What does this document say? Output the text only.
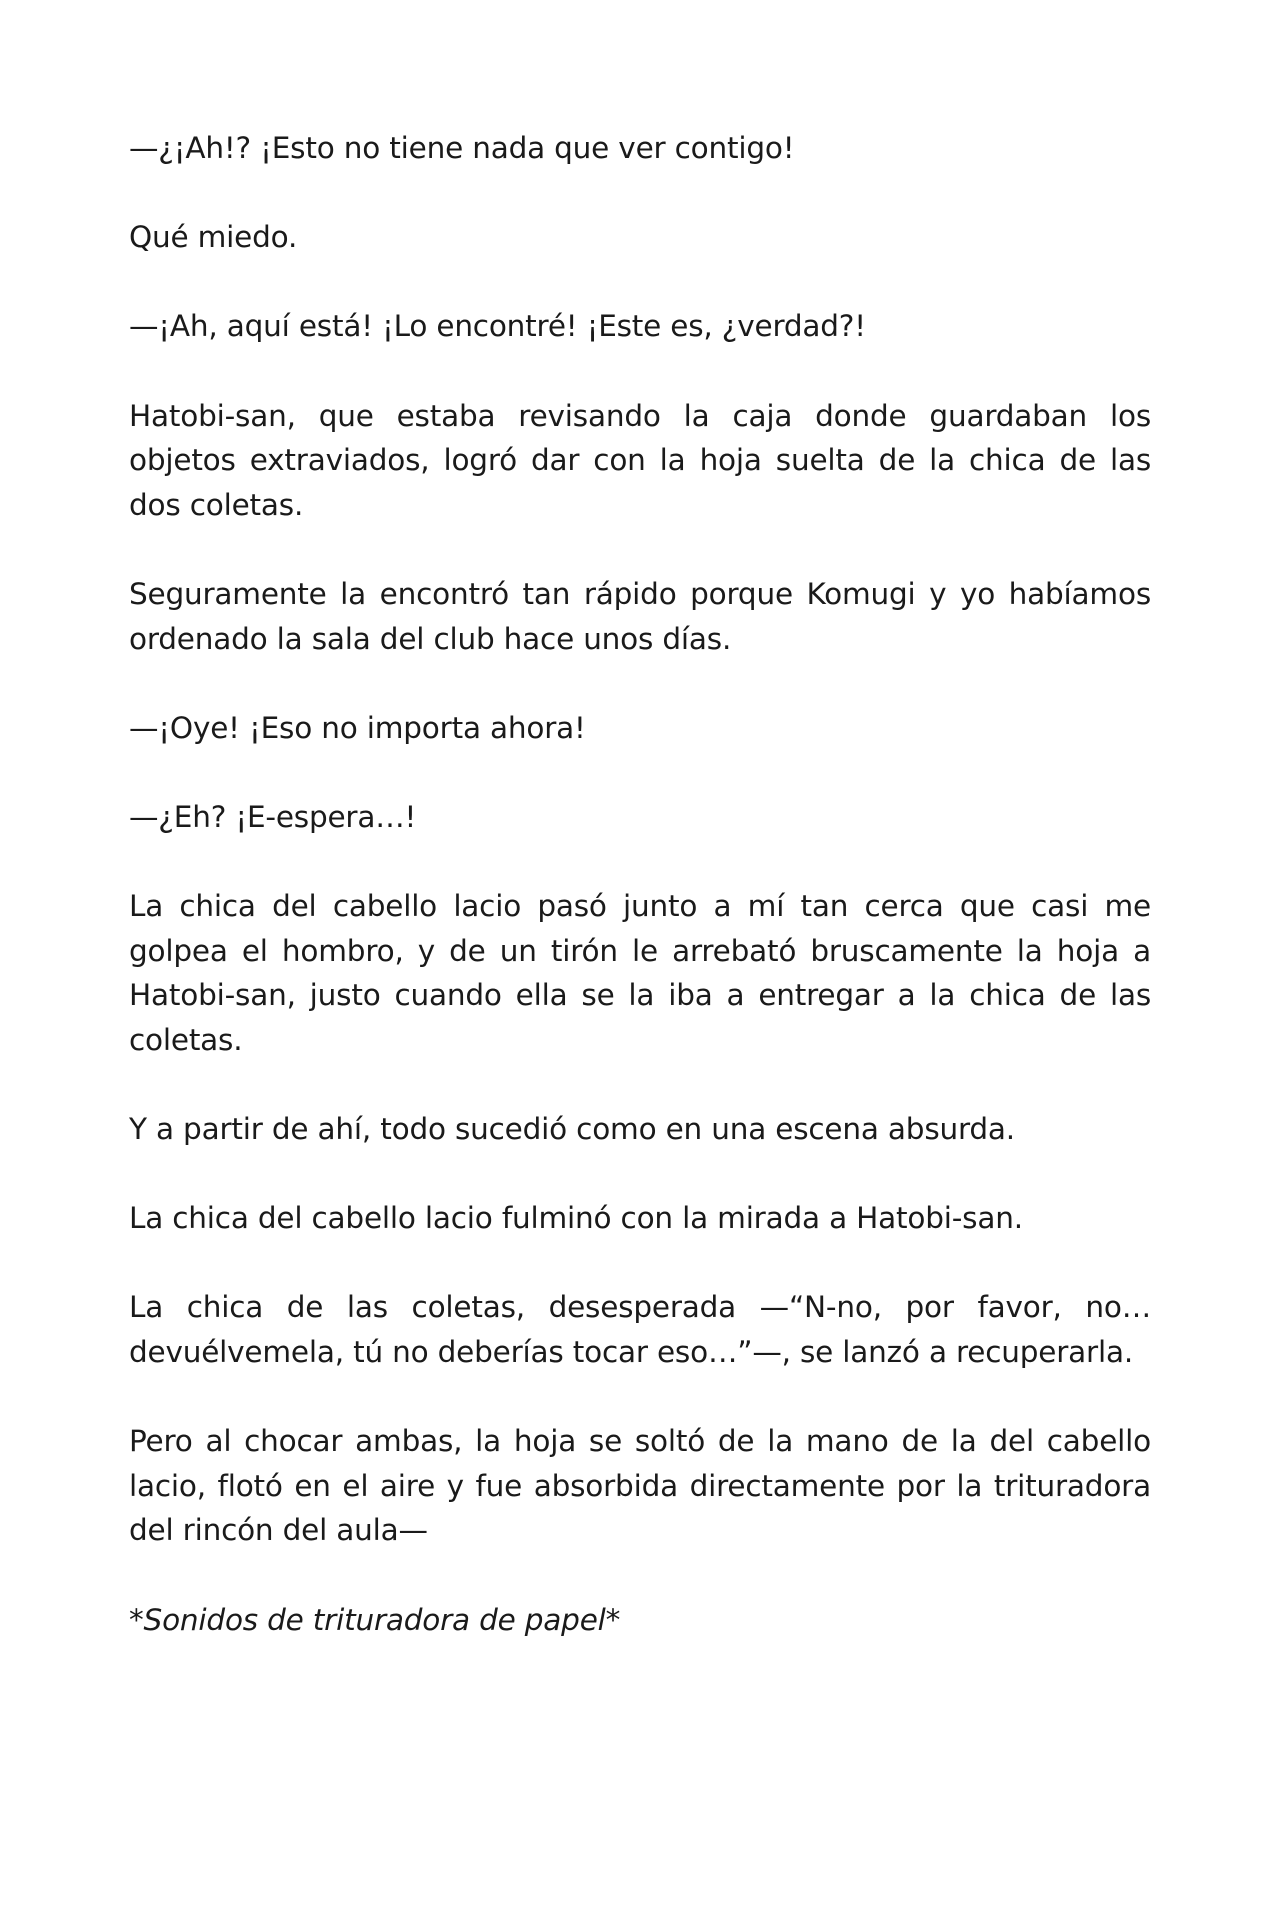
—¿¡Ah!? ¡Esto no tiene nada que ver contigo!

Qué miedo.

—¡Ah, aquí está! ¡Lo encontré! ¡Este es, ¿verdad?!

Hatobi-san, que estaba revisando la caja donde guardaban los objetos extraviados, logró dar con la hoja suelta de la chica de las dos coletas.

Seguramente la encontró tan rápido porque Komugi y yo habíamos ordenado la sala del club hace unos días.

—¡Oye! ¡Eso no importa ahora!

—¿Eh? ¡E-espera…!

La chica del cabello lacio pasó junto a mí tan cerca que casi me golpea el hombro, y de un tirón le arrebató bruscamente la hoja a Hatobi-san, justo cuando ella se la iba a entregar a la chica de las coletas.

Y a partir de ahí, todo sucedió como en una escena absurda.

La chica del cabello lacio fulminó con la mirada a Hatobi-san.

La chica de las coletas, desesperada —“N-no, por favor, no… devuélvemela, tú no deberías tocar eso…”—, se lanzó a recuperarla.

Pero al chocar ambas, la hoja se soltó de la mano de la del cabello lacio, flotó en el aire y fue absorbida directamente por la trituradora del rincón del aula—

*Sonidos de trituradora de papel*
